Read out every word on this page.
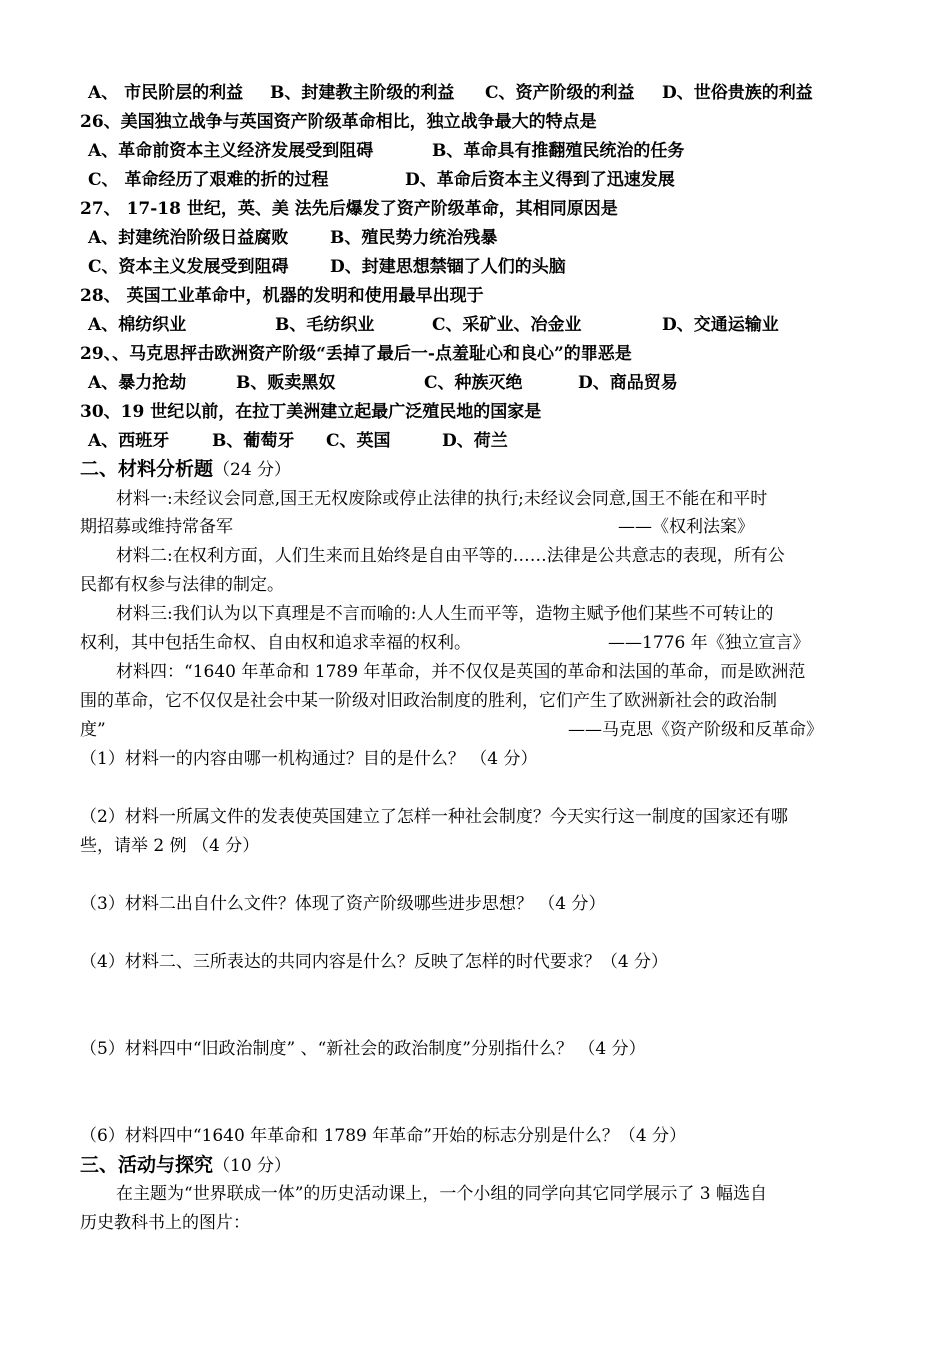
A、 市民阶层的利益 B、封建教主阶级的利益 C、资产阶级的利益 D、世俗贵族的利益
26、美国独立战争与英国资产阶级革命相比，独立战争最大的特点是
A、革命前资本主义经济发展受到阻碍	B、革命具有推翻殖民统治的任务
C、 革命经历了艰难的折的过程	D、革命后资本主义得到了迅速发展
27、 17-18 世纪，英、美 法先后爆发了资产阶级革命，其相同原因是
A、封建统治阶级日益腐败 B、殖民势力统治残暴
C、资本主义发展受到阻碍 D、封建思想禁锢了人们的头脑
28、 英国工业革命中，机器的发明和使用最早出现于
A、棉纺织业	B、毛纺织业	C、采矿业、冶金业	D、交通运输业
29、、马克思抨击欧洲资产阶级“丢掉了最后一-点羞耻心和良心”的罪恶是
A、暴力抢劫	B、贩卖黑奴	C、种族灭绝	D、商品贸易
30、19 世纪以前，在拉丁美洲建立起最广泛殖民地的国家是
A、西班牙	B、葡萄牙 C、英国	D、荷兰
二、材料分析题（24 分）
材料一:未经议会同意,国王无权废除或停止法律的执行;未经议会同意,国王不能在和平时
期招募或维持常备军	——《权利法案》
材料二:在权利方面，人们生来而且始终是自由平等的……法律是公共意志的表现，所有公
民都有权参与法律的制定。
材料三:我们认为以下真理是不言而喻的:人人生而平等，造物主赋予他们某些不可转让的
权利，其中包括生命权、自由权和追求幸福的权利。	——1776 年《独立宣言》
材料四：“1640 年革命和 1789 年革命，并不仅仅是英国的革命和法国的革命，而是欧洲范
围的革命，它不仅仅是社会中某一阶级对旧政治制度的胜利，它们产生了欧洲新社会的政治制
度”	——马克思《资产阶级和反革命》
（1）材料一的内容由哪一机构通过？目的是什么？ （4 分）
（2）材料一所属文件的发表使英国建立了怎样一种社会制度？今天实行这一制度的国家还有哪
些，请举 2 例 （4 分）
（3）材料二出自什么文件？体现了资产阶级哪些进步思想？ （4 分）
（4）材料二、三所表达的共同内容是什么？反映了怎样的时代要求？（4 分）
（5）材料四中“旧政治制度” 、“新社会的政治制度”分别指什么？ （4 分）
（6）材料四中“1640 年革命和 1789 年革命”开始的标志分别是什么？（4 分）
三、活动与探究（10 分）
在主题为“世界联成一体”的历史活动课上，一个小组的同学向其它同学展示了 3 幅选自
历史教科书上的图片：
